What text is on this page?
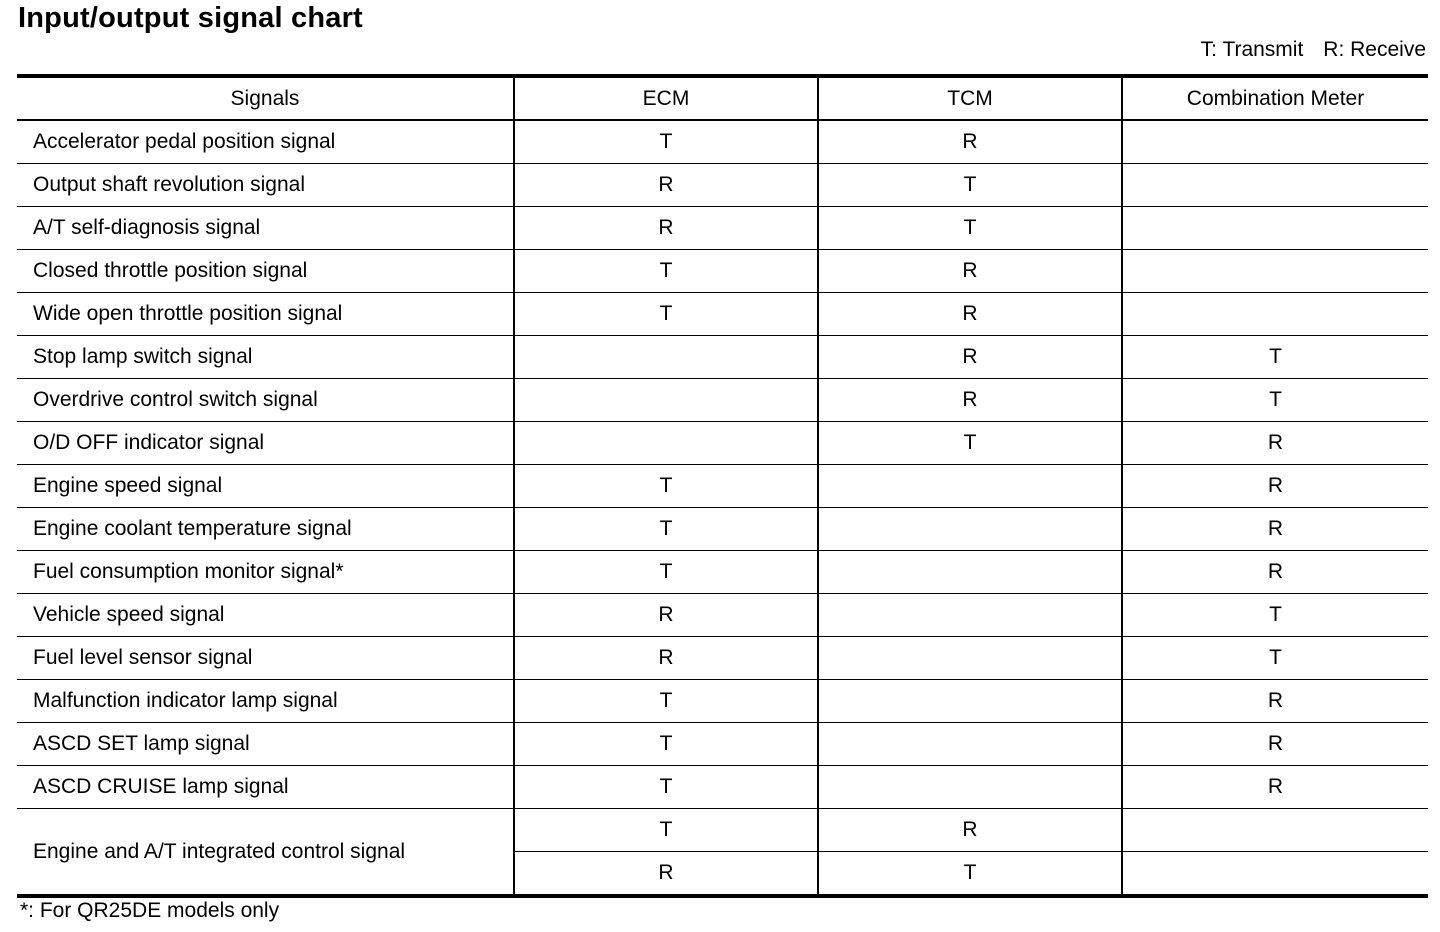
Input/output signal chart
T: Transmit R: Receive
Signals	ECM	TCM	Combination Meter
Accelerator pedal position signal	T	R	
Output shaft revolution signal	R	T	
A/T self-diagnosis signal	R	T	
Closed throttle position signal	T	R	
Wide open throttle position signal	T	R	
Stop lamp switch signal		R	T
Overdrive control switch signal		R	T
O/D OFF indicator signal		T	R
Engine speed signal	T		R
Engine coolant temperature signal	T		R
Fuel consumption monitor signal*	T		R
Vehicle speed signal	R		T
Fuel level sensor signal	R		T
Malfunction indicator lamp signal	T		R
ASCD SET lamp signal	T		R
ASCD CRUISE lamp signal	T		R
Engine and A/T integrated control signal	T	R	
	R	T	
*: For QR25DE models only
